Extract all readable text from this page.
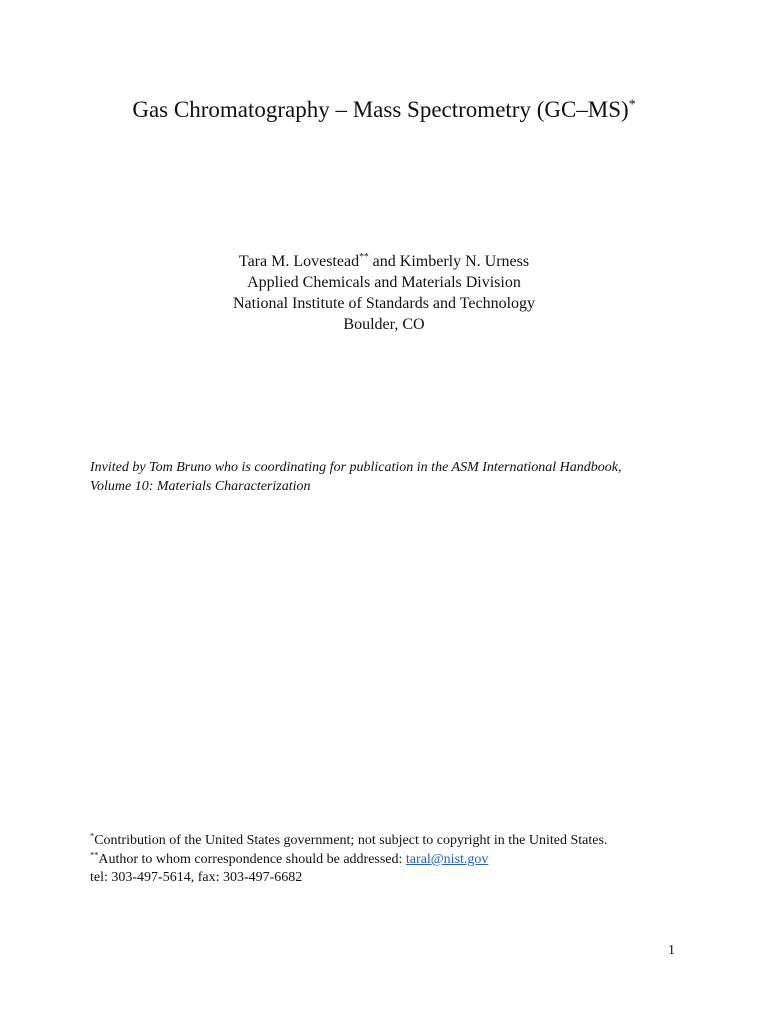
Gas Chromatography – Mass Spectrometry (GC–MS)*
Tara M. Lovestead** and Kimberly N. Urness
Applied Chemicals and Materials Division
National Institute of Standards and Technology
Boulder, CO
Invited by Tom Bruno who is coordinating for publication in the ASM International Handbook,
Volume 10: Materials Characterization
*Contribution of the United States government; not subject to copyright in the United States.
**Author to whom correspondence should be addressed: taral@nist.gov
tel: 303-497-5614, fax: 303-497-6682
1
